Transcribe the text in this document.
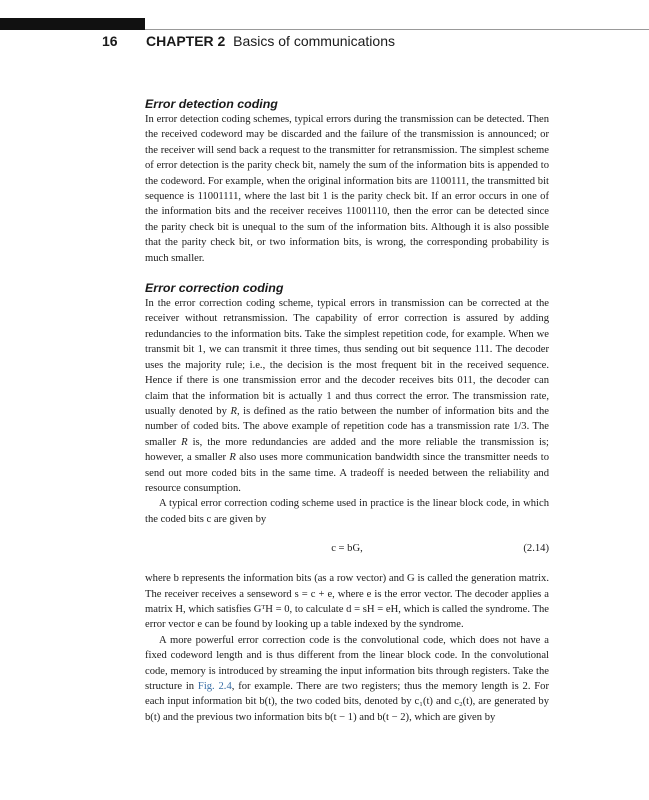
16 CHAPTER 2 Basics of communications
Error detection coding

In error detection coding schemes, typical errors during the transmission can be detected. Then the received codeword may be discarded and the failure of the transmission is announced; or the receiver will send back a request to the transmitter for retransmission. The simplest scheme of error detection is the parity check bit, namely the sum of the information bits is appended to the codeword. For example, when the original information bits are 1100111, the transmitted bit sequence is 11001111, where the last bit 1 is the parity check bit. If an error occurs in one of the information bits and the receiver receives 11001110, then the error can be detected since the parity check bit is unequal to the sum of the information bits. Although it is also possible that the parity check bit, or two information bits, is wrong, the corresponding probability is much smaller.

Error correction coding

In the error correction coding scheme, typical errors in transmission can be corrected at the receiver without retransmission. The capability of error correction is assured by adding redundancies to the information bits. Take the simplest repetition code, for example. When we transmit bit 1, we can transmit it three times, thus sending out bit sequence 111. The decoder uses the majority rule; i.e., the decision is the most frequent bit in the received sequence. Hence if there is one transmission error and the decoder receives bits 011, the decoder can claim that the information bit is actually 1 and thus correct the error. The transmission rate, usually denoted by R, is defined as the ratio between the number of information bits and the number of coded bits. The above example of repetition code has a transmission rate 1/3. The smaller R is, the more redundancies are added and the more reliable the transmission is; however, a smaller R also uses more communication bandwidth since the transmitter needs to send out more coded bits in the same time. A tradeoff is needed between the reliability and resource consumption.

A typical error correction coding scheme used in practice is the linear block code, in which the coded bits c are given by

c = bG,	(2.14)

where b represents the information bits (as a row vector) and G is called the generation matrix. The receiver receives a senseword s = c + e, where e is the error vector. The decoder applies a matrix H, which satisfies GᵀH = 0, to calculate d = sH = eH, which is called the syndrome. The error vector e can be found by looking up a table indexed by the syndrome.

A more powerful error correction code is the convolutional code, which does not have a fixed codeword length and is thus different from the linear block code. In the convolutional code, memory is introduced by streaming the input information bits through registers. Take the structure in Fig. 2.4, for example. There are two registers; thus the memory length is 2. For each input information bit b(t), the two coded bits, denoted by c₁(t) and c₂(t), are generated by b(t) and the previous two information bits b(t − 1) and b(t − 2), which are given by
